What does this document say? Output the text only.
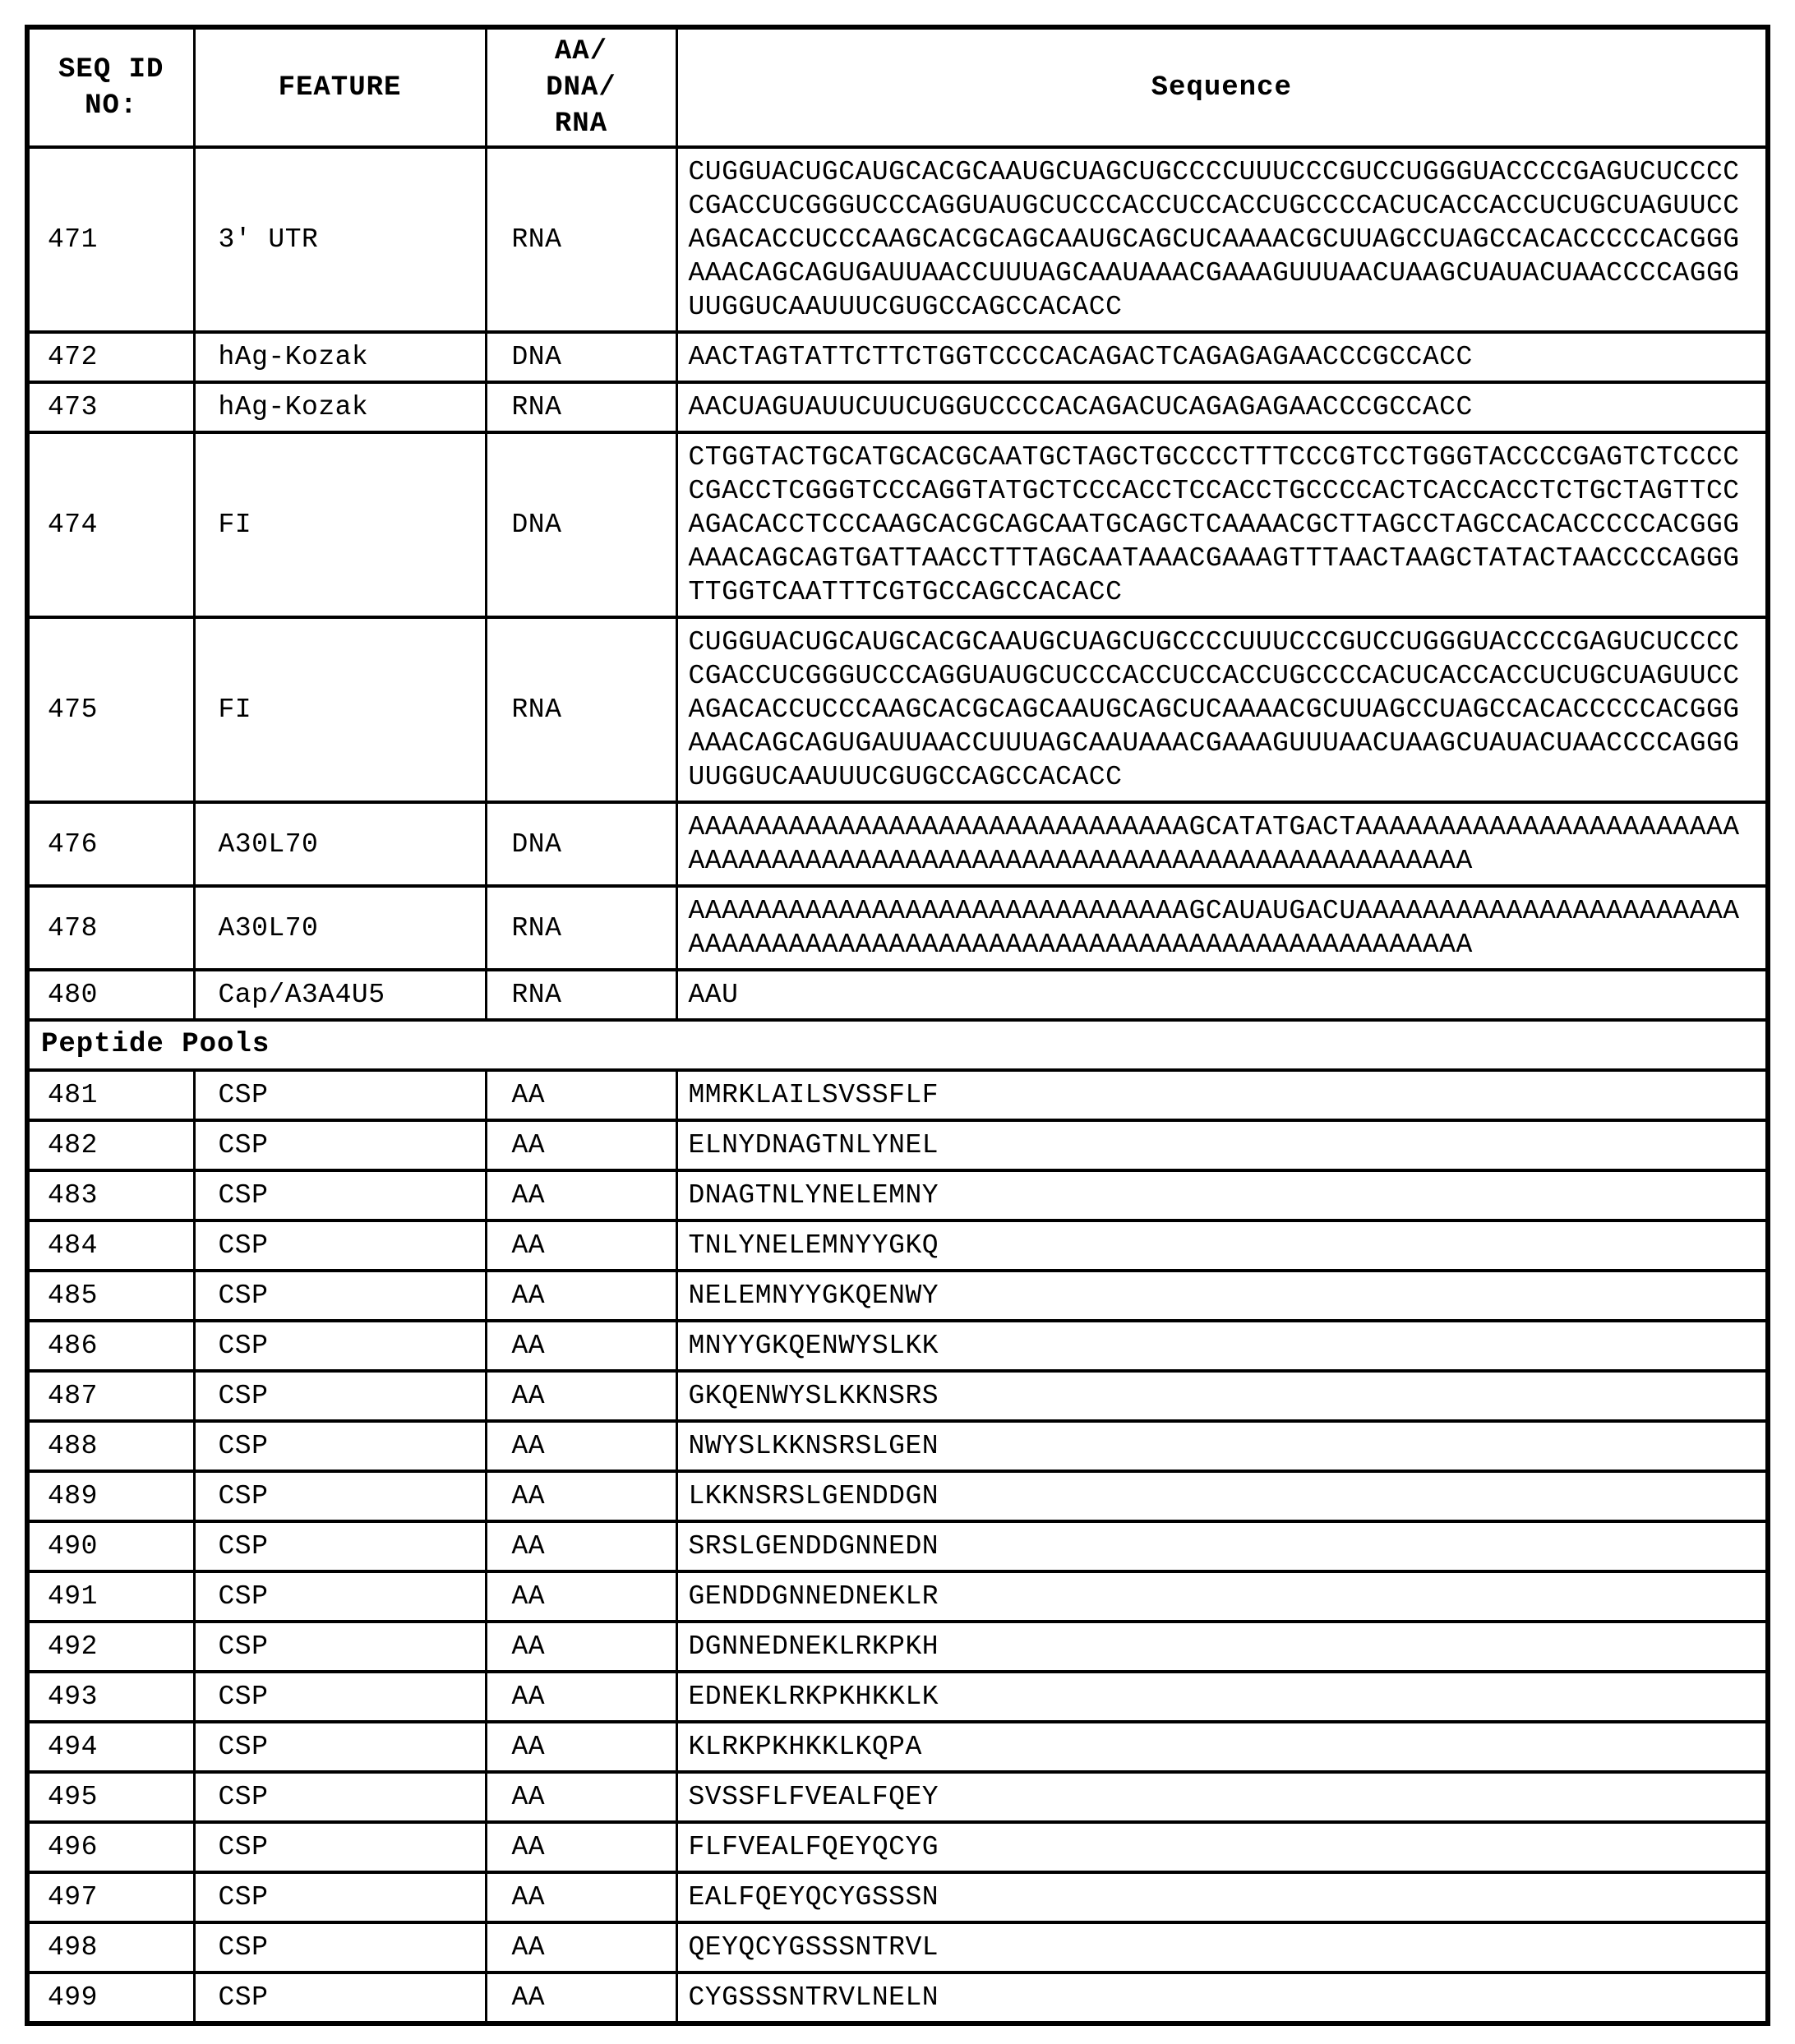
SEQ ID
NO:	FEATURE	AA/
DNA/
RNA	Sequence
471	3' UTR	RNA	CUGGUACUGCAUGCACGCAAUGCUAGCUGCCCCUUUCCCGUCCUGGGUACCCCGAGUCUCCCC
CGACCUCGGGUCCCAGGUAUGCUCCCACCUCCACCUGCCCCACUCACCACCUCUGCUAGUUCC
AGACACCUCCCAAGCACGCAGCAAUGCAGCUCAAAACGCUUAGCCUAGCCACACCCCCACGGG
AAACAGCAGUGAUUAACCUUUAGCAAUAAACGAAAGUUUAACUAAGCUAUACUAACCCCAGGG
UUGGUCAAUUUCGUGCCAGCCACACC
472	hAg-Kozak	DNA	AACTAGTATTCTTCTGGTCCCCACAGACTCAGAGAGAACCCGCCACC
473	hAg-Kozak	RNA	AACUAGUAUUCUUCUGGUCCCCACAGACUCAGAGAGAACCCGCCACC
474	FI	DNA	CTGGTACTGCATGCACGCAATGCTAGCTGCCCCTTTCCCGTCCTGGGTACCCCGAGTCTCCCC
CGACCTCGGGTCCCAGGTATGCTCCCACCTCCACCTGCCCCACTCACCACCTCTGCTAGTTCC
AGACACCTCCCAAGCACGCAGCAATGCAGCTCAAAACGCTTAGCCTAGCCACACCCCCACGGG
AAACAGCAGTGATTAACCTTTAGCAATAAACGAAAGTTTAACTAAGCTATACTAACCCCAGGG
TTGGTCAATTTCGTGCCAGCCACACC
475	FI	RNA	CUGGUACUGCAUGCACGCAAUGCUAGCUGCCCCUUUCCCGUCCUGGGUACCCCGAGUCUCCCC
CGACCUCGGGUCCCAGGUAUGCUCCCACCUCCACCUGCCCCACUCACCACCUCUGCUAGUUCC
AGACACCUCCCAAGCACGCAGCAAUGCAGCUCAAAACGCUUAGCCUAGCCACACCCCCACGGG
AAACAGCAGUGAUUAACCUUUAGCAAUAAACGAAAGUUUAACUAAGCUAUACUAACCCCAGGG
UUGGUCAAUUUCGUGCCAGCCACACC
476	A30L70	DNA	AAAAAAAAAAAAAAAAAAAAAAAAAAAAAAGCATATGACTAAAAAAAAAAAAAAAAAAAAAAA
AAAAAAAAAAAAAAAAAAAAAAAAAAAAAAAAAAAAAAAAAAAAAAA
478	A30L70	RNA	AAAAAAAAAAAAAAAAAAAAAAAAAAAAAAGCAUAUGACUAAAAAAAAAAAAAAAAAAAAAAA
AAAAAAAAAAAAAAAAAAAAAAAAAAAAAAAAAAAAAAAAAAAAAAA
480	Cap/A3A4U5	RNA	AAU
Peptide Pools			
481	CSP	AA	MMRKLAILSVSSFLF
482	CSP	AA	ELNYDNAGTNLYNEL
483	CSP	AA	DNAGTNLYNELEMNY
484	CSP	AA	TNLYNELEMNYYGKQ
485	CSP	AA	NELEMNYYGKQENWY
486	CSP	AA	MNYYGKQENWYSLKK
487	CSP	AA	GKQENWYSLKKNSRS
488	CSP	AA	NWYSLKKNSRSLGEN
489	CSP	AA	LKKNSRSLGENDDGN
490	CSP	AA	SRSLGENDDGNNEDN
491	CSP	AA	GENDDGNNEDNEKLR
492	CSP	AA	DGNNEDNEKLRKPKH
493	CSP	AA	EDNEKLRKPKHKKLK
494	CSP	AA	KLRKPKHKKLKQPA
495	CSP	AA	SVSSFLFVEALFQEY
496	CSP	AA	FLFVEALFQEYQCYG
497	CSP	AA	EALFQEYQCYGSSSN
498	CSP	AA	QEYQCYGSSSNTRVL
499	CSP	AA	CYGSSSNTRVLNELN
